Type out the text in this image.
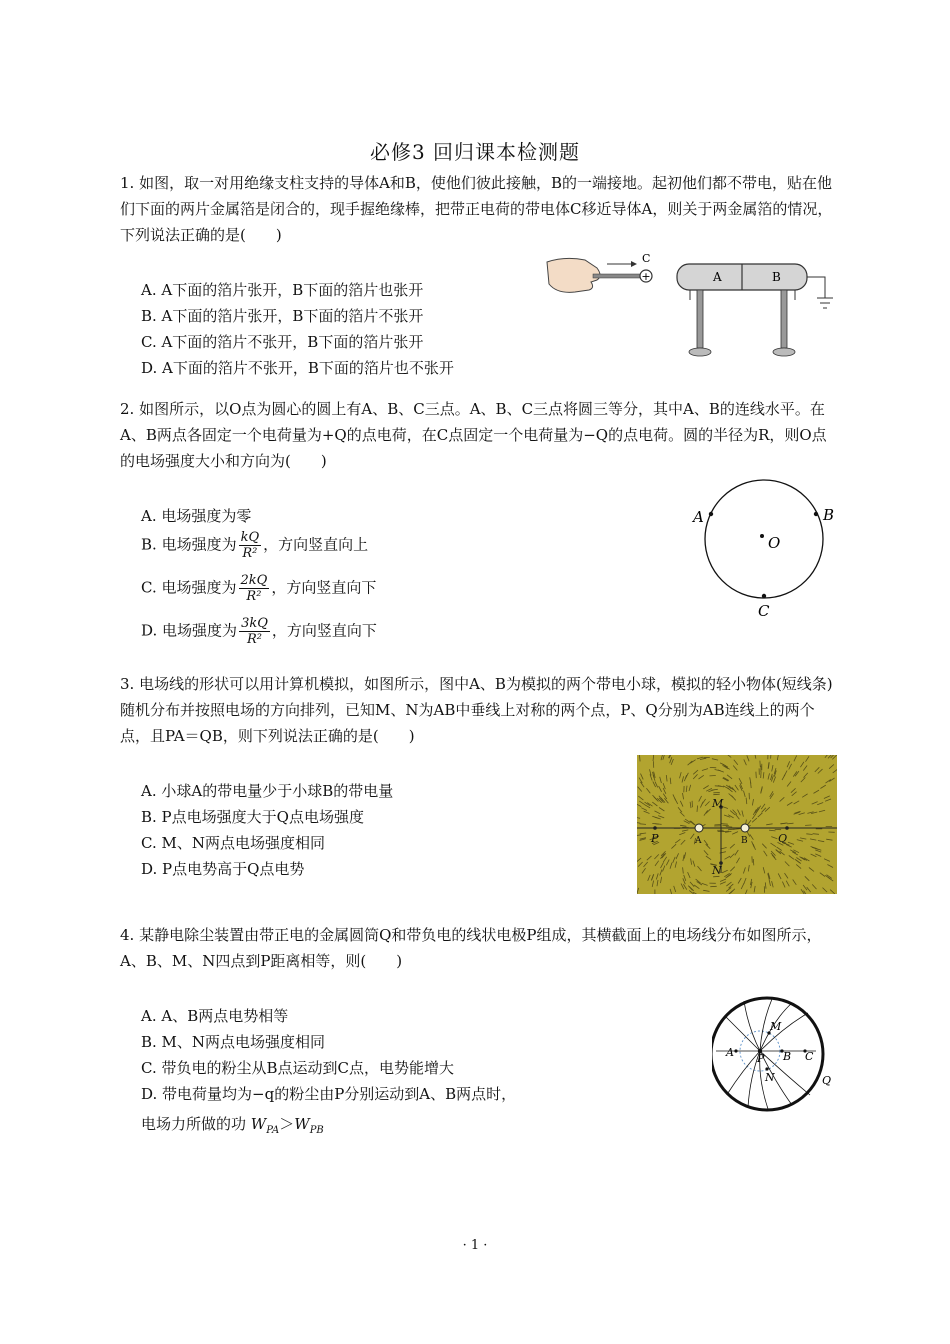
必修3 回归课本检测题
1. 如图，取一对用绝缘支柱支持的导体A和B，使他们彼此接触，B的一端接地。起初他们都不带电，贴在他们下面的两片金属箔是闭合的，现手握绝缘棒，把带正电荷的带电体C移近导体A，则关于两金属箔的情况，下列说法正确的是(　　)
A. A下面的箔片张开，B下面的箔片也张开
B. A下面的箔片张开，B下面的箔片不张开
C. A下面的箔片不张开，B下面的箔片张开
D. A下面的箔片不张开，B下面的箔片也不张开
+
C
A	B
2. 如图所示，以O点为圆心的圆上有A、B、C三点。A、B、C三点将圆三等分，其中A、B的连线水平。在A、B两点各固定一个电荷量为+Q的点电荷，在C点固定一个电荷量为−Q的点电荷。圆的半径为R，则O点的电场强度大小和方向为(　　)
A. 电场强度为零
B. 电场强度为 $\frac{kQ}{\text{R²}}$ ，方向竖直向上
C. 电场强度为 $\frac{2kQ}{\text{R²}}$ ，方向竖直向下
D. 电场强度为 $\frac{3kQ}{\text{R²}}$ ，方向竖直向下
A	B
C
O
3. 电场线的形状可以用计算机模拟，如图所示，图中A、B为模拟的两个带电小球，模拟的轻小物体(短线条)随机分布并按照电场的方向排列，已知M、N为AB中垂线上对称的两个点，P、Q分别为AB连线上的两个点，且PA＝QB，则下列说法正确的是(　　)
A. 小球A的带电量少于小球B的带电量
B. P点电场强度大于Q点电场强度
C. M、N两点电场强度相同
D. P点电势高于Q点电势
M
N
P	Q
A	B
4. 某静电除尘装置由带正电的金属圆筒Q和带负电的线状电极P组成，其横截面上的电场线分布如图所示，A、B、M、N四点到P距离相等，则(　　)
A. A、B两点电势相等
B. M、N两点电场强度相同
C. 带负电的粉尘从B点运动到C点，电势能增大
D. 带电荷量均为−q的粉尘由P分别运动到A、B两点时，
电场力所做的功 $W_{PA}>W_{PB}$
M
N
A P B C
Q
· 1 ·
